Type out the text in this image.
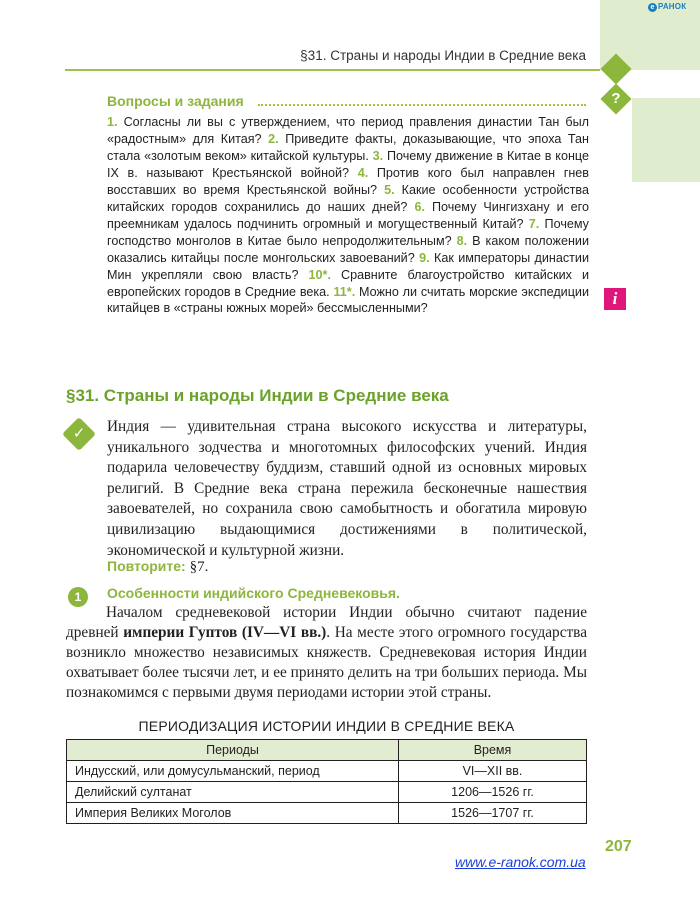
e РАНОК
§31. Страны и народы Индии в Средние века
?
i
Вопросы и задания
1. Согласны ли вы с утверждением, что период правления династии Тан был «радостным» для Китая? 2. Приведите факты, доказывающие, что эпоха Тан стала «золотым веком» китайской культуры. 3. Почему движение в Китае в конце IX в. называют Крестьянской войной? 4. Против кого был направлен гнев восставших во время Крестьянской войны? 5. Какие особенности устройства китайских городов сохранились до наших дней? 6. Почему Чингизхану и его преемникам удалось подчинить огромный и могущественный Китай? 7. Почему господство монголов в Китае было непродолжительным? 8. В каком положении оказались китайцы после монгольских завоеваний? 9. Как императоры династии Мин укрепляли свою власть? 10*. Сравните благоустройство китайских и европейских городов в Средние века. 11*. Можно ли считать морские экспедиции китайцев в «страны южных морей» бессмысленными?
§31. Страны и народы Индии в Средние века
✓	Индия — удивительная страна высокого искусства и литературы, уникального зодчества и многотомных философских учений. Индия подарила человечеству буддизм, ставший одной из основных мировых религий. В Средние века страна пережила бесконечные нашествия завоевателей, но сохранила свою самобытность и обогатила мировую цивилизацию выдающимися достижениями в политической, экономической и культурной жизни.
Повторите: §7.
1	Особенности индийского Средневековья.
Началом средневековой истории Индии обычно считают падение древней империи Гуптов (IV—VI вв.). На месте этого огромного государства возникло множество независимых княжеств. Средневековая история Индии охватывает более тысячи лет, и ее принято делить на три больших периода. Мы познакомимся с первыми двумя периодами истории этой страны.
ПЕРИОДИЗАЦИЯ ИСТОРИИ ИНДИИ В СРЕДНИЕ ВЕКА
Периоды	Время
Индусский, или домусульманский, период	VI—XII вв.
Делийский султанат	1206—1526 гг.
Империя Великих Моголов	1526—1707 гг.
207
www.e-ranok.com.ua
